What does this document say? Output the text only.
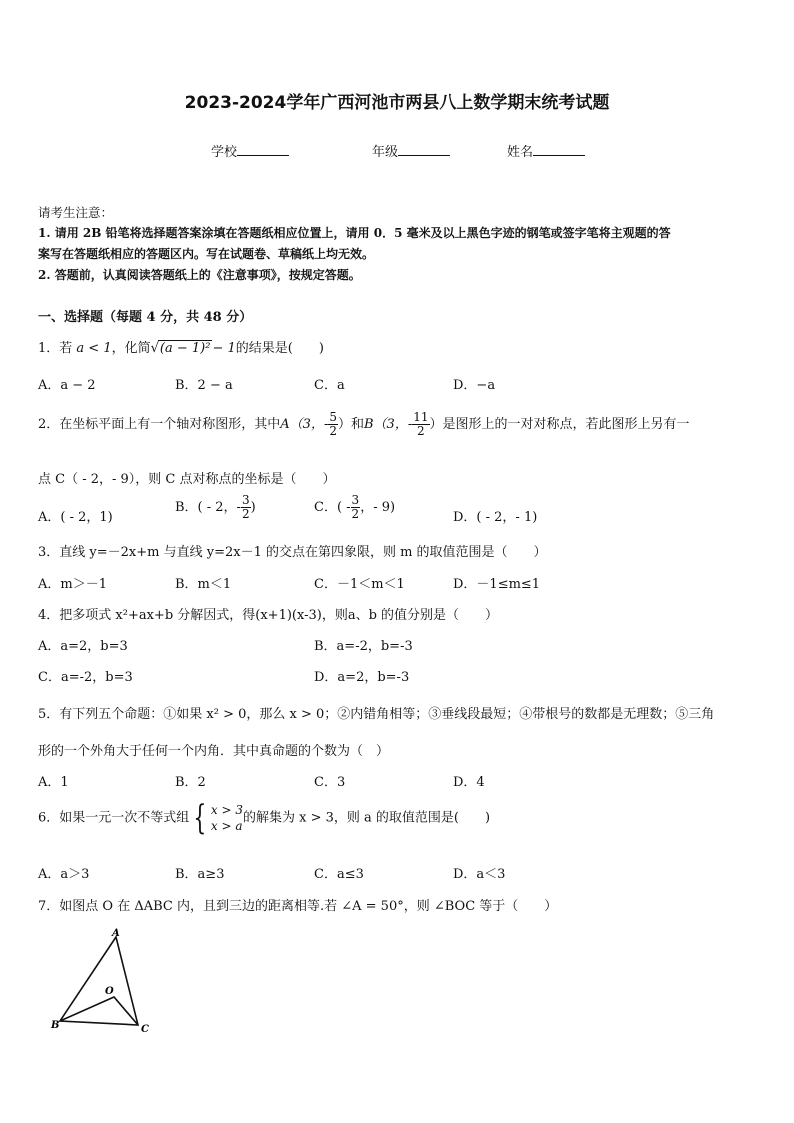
2023-2024学年广西河池市两县八上数学期末统考试题
学校	年级	姓名
请考生注意：
1. 请用 2B 铅笔将选择题答案涂填在答题纸相应位置上，请用 0．5 毫米及以上黑色字迹的钢笔或签字笔将主观题的答
案写在答题纸相应的答题区内。写在试题卷、草稿纸上均无效。
2. 答题前，认真阅读答题纸上的《注意事项》，按规定答题。
一、选择题（每题 4 分，共 48 分）
1．若 a < 1，化简√(a − 1)² − 1的结果是(　　)
A．a − 2	B．2 − a	C．a	D．−a
2．在坐标平面上有一个轴对称图形，其中A（3，- $\frac{5}{2}$ ）和B（3，- $\frac{11}{2}$ ）是图形上的一对对称点，若此图形上另有一
点 C（ - 2，- 9），则 C 点对称点的坐标是（　　）
A．( - 2，1)
B．( - 2，- $\frac{3}{2}$ )	C．( - $\frac{3}{2}$ ，- 9)
D．( - 2，- 1)
3．直线 y=－2x+m 与直线 y=2x－1 的交点在第四象限，则 m 的取值范围是（　　）
A．m＞－1	B．m＜1	C．－1＜m＜1	D．－1≤m≤1
4．把多项式 x²+ax+b 分解因式，得(x+1)(x-3)，则a、b 的值分别是（　　）
A．a=2，b=3	B．a=-2，b=-3
C．a=-2，b=3	D．a=2，b=-3
5．有下列五个命题：①如果 x² > 0，那么 x > 0；②内错角相等；③垂线段最短；④带根号的数都是无理数；⑤三角
形的一个外角大于任何一个内角．其中真命题的个数为（　）
A．1	B．2	C．3	D．4
6．如果一元一次不等式组 { x > 3
x > a
的解集为 x > 3，则 a 的取值范围是(　　)
A．a＞3	B．a≥3	C．a≤3	D．a＜3
7．如图点 O 在 ΔABC 内，且到三边的距离相等.若 ∠A = 50°，则 ∠BOC 等于（　　）
A
B	C
O
